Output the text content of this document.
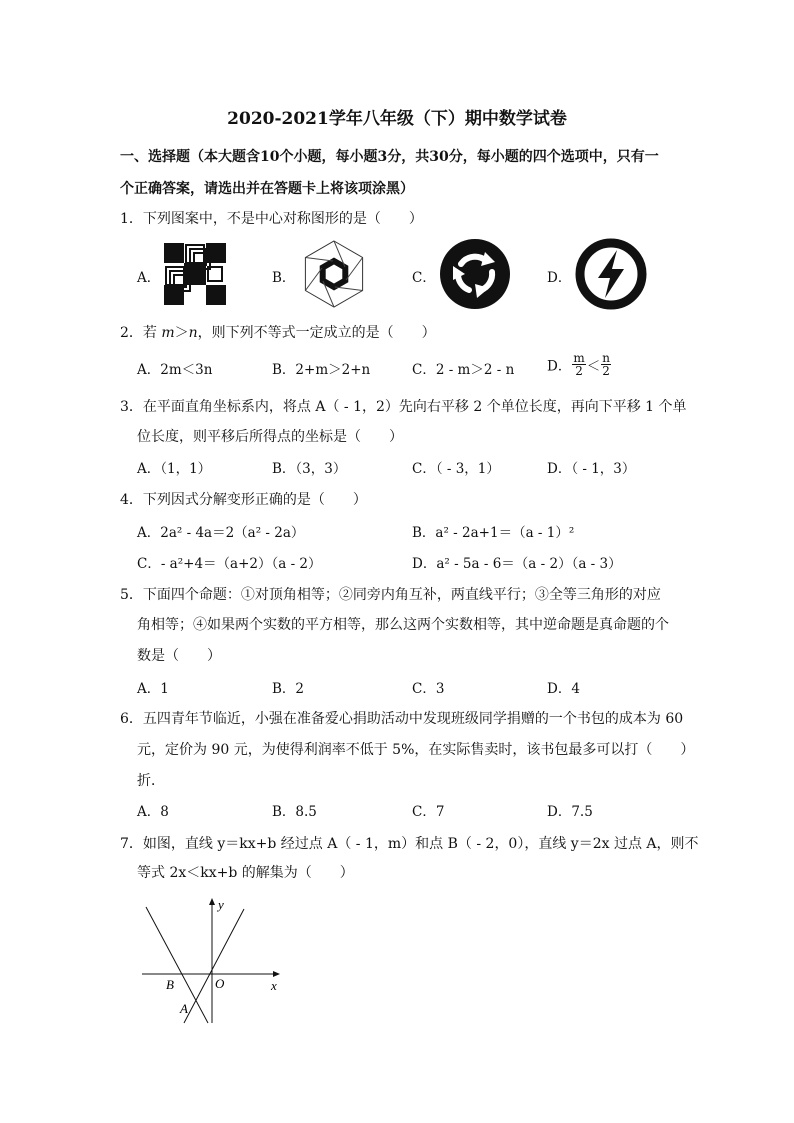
2020-2021学年八年级（下）期中数学试卷
一、选择题（本大题含10个小题，每小题3分，共30分，每小题的四个选项中，只有一
个正确答案，请选出并在答题卡上将该项涂黑）
1．下列图案中，不是中心对称图形的是（　　）
A．	B．	C．	D．
2．若 m＞n，则下列不等式一定成立的是（　　）
A．2m＜3n	B．2+m＞2+n	C．2 - m＞2 - n D． $\frac{m}{2} < \frac{n}{2}$
3．在平面直角坐标系内，将点 A（ - 1，2）先向右平移 2 个单位长度，再向下平移 1 个单
位长度，则平移后所得点的坐标是（　　）
A．（1，1）	B．（3，3）	C．（ - 3，1）	D．（ - 1，3）
4．下列因式分解变形正确的是（　　）
A．2a² - 4a＝2（a² - 2a）	B．a² - 2a+1＝（a - 1）²
C．- a²+4＝（a+2）（a - 2）	D．a² - 5a - 6＝（a - 2）（a - 3）
5．下面四个命题：①对顶角相等；②同旁内角互补，两直线平行；③全等三角形的对应
角相等；④如果两个实数的平方相等，那么这两个实数相等，其中逆命题是真命题的个
数是（　　）
A．1	B．2	C．3	D．4
6．五四青年节临近，小强在准备爱心捐助活动中发现班级同学捐赠的一个书包的成本为 60
元，定价为 90 元，为使得利润率不低于 5%，在实际售卖时，该书包最多可以打（　　）
折．
A．8	B．8.5	C．7	D．7.5
7．如图，直线 y＝kx+b 经过点 A（ - 1，m）和点 B（ - 2，0），直线 y＝2x 过点 A，则不
等式 2x＜kx+b 的解集为（　　）
y
x
O
B
A
